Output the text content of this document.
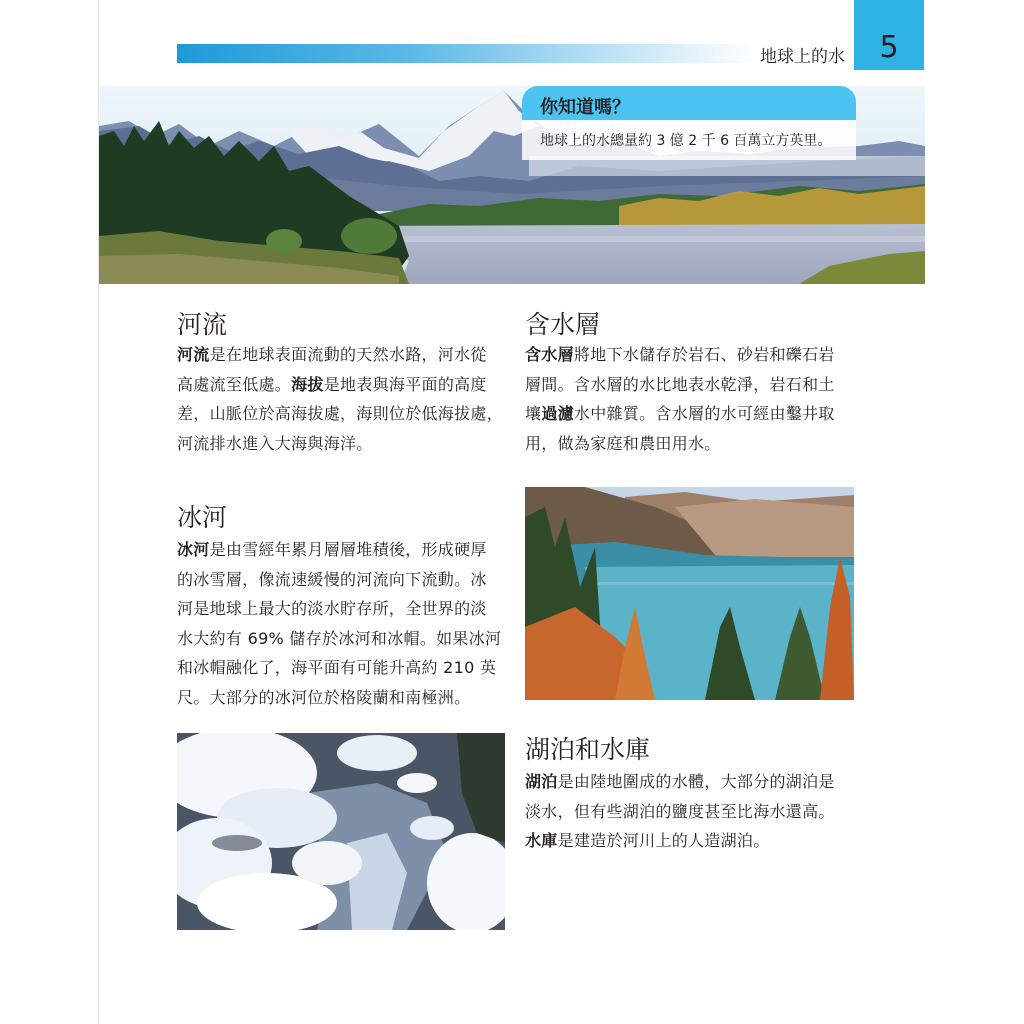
地球上的水	5
你知道嗎？
地球上的水總量約 3 億 2 千 6 百萬立方英里。
河流
河流是在地球表面流動的天然水路，河水從
高處流至低處。海拔是地表與海平面的高度
差，山脈位於高海拔處，海則位於低海拔處，
河流排水進入大海與海洋。
含水層
含水層將地下水儲存於岩石、砂岩和礫石岩
層間。含水層的水比地表水乾淨，岩石和土
壤過濾水中雜質。含水層的水可經由鑿井取
用，做為家庭和農田用水。
冰河
冰河是由雪經年累月層層堆積後，形成硬厚
的冰雪層，像流速緩慢的河流向下流動。冰
河是地球上最大的淡水貯存所，全世界的淡
水大約有 69% 儲存於冰河和冰帽。如果冰河
和冰帽融化了，海平面有可能升高約 210 英
尺。大部分的冰河位於格陵蘭和南極洲。
湖泊和水庫
湖泊是由陸地圍成的水體，大部分的湖泊是
淡水，但有些湖泊的鹽度甚至比海水還高。
水庫是建造於河川上的人造湖泊。
